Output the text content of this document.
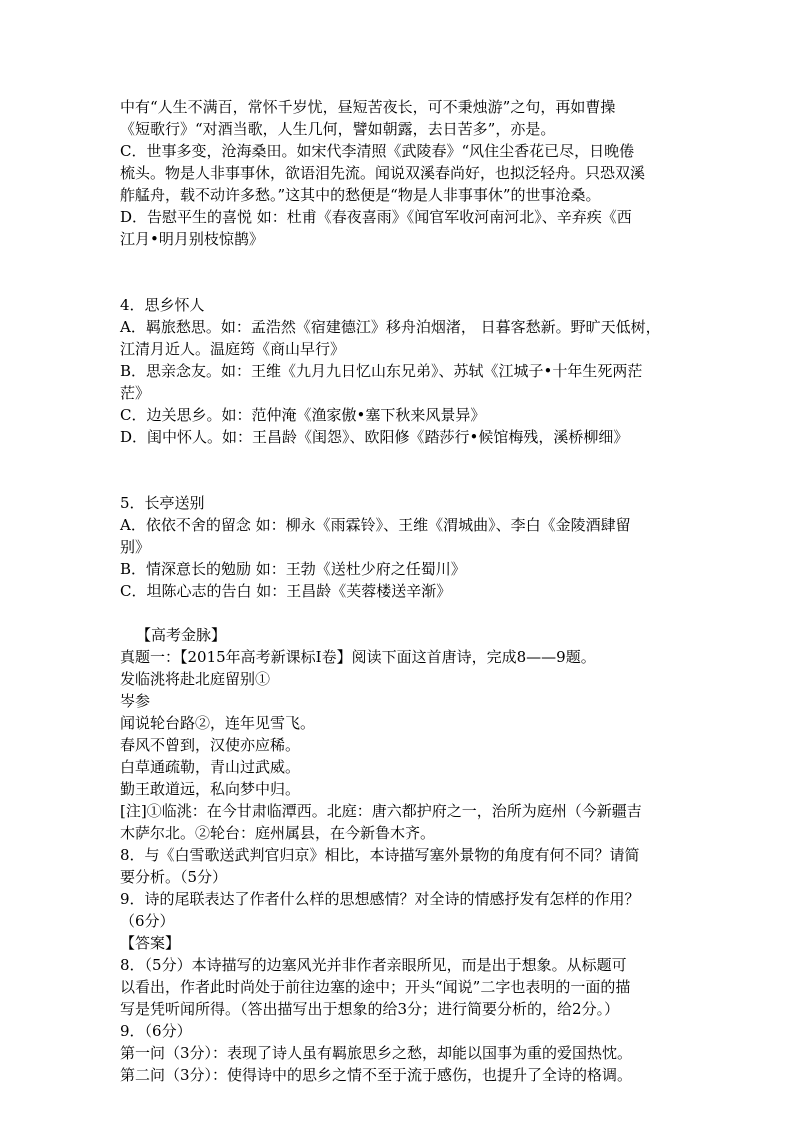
中有“人生不满百，常怀千岁忧，昼短苦夜长，可不秉烛游”之句，再如曹操
《短歌行》“对酒当歌，人生几何，譬如朝露，去日苦多”，亦是。
C．世事多变，沧海桑田。如宋代李清照《武陵春》“风住尘香花已尽，日晚倦
梳头。物是人非事事休，欲语泪先流。闻说双溪春尚好，也拟泛轻舟。只恐双溪
舴艋舟，载不动许多愁。”这其中的愁便是“物是人非事事休”的世事沧桑。
D．告慰平生的喜悦 如：杜甫《春夜喜雨》《闻官军收河南河北》、辛弃疾《西
江月•明月别枝惊鹊》
4．思乡怀人
A．羁旅愁思。如：孟浩然《宿建德江》移舟泊烟渚， 日暮客愁新。野旷天低树，
江清月近人。温庭筠《商山早行》
B．思亲念友。如：王维《九月九日忆山东兄弟》、苏轼《江城子•十年生死两茫
茫》
C．边关思乡。如：范仲淹《渔家傲•塞下秋来风景异》
D．闺中怀人。如：王昌龄《闺怨》、欧阳修《踏莎行•候馆梅残，溪桥柳细》
5．长亭送别
A．依依不舍的留念 如：柳永《雨霖铃》、王维《渭城曲》、李白《金陵酒肆留
别》
B．情深意长的勉励 如：王勃《送杜少府之任蜀川》
C．坦陈心志的告白 如：王昌龄《芙蓉楼送辛渐》
【高考金脉】
真题一：【2015年高考新课标Ⅰ卷】阅读下面这首唐诗，完成8——9题。
发临洮将赴北庭留别①
岑参
闻说轮台路②，连年见雪飞。
春风不曾到，汉使亦应稀。
白草通疏勒，青山过武威。
勤王敢道远，私向梦中归。
[注]①临洮：在今甘肃临潭西。北庭：唐六都护府之一，治所为庭州（今新疆吉
木萨尔北。②轮台：庭州属县，在今新鲁木齐。
8．与《白雪歌送武判官归京》相比，本诗描写塞外景物的角度有何不同？请简
要分析。（5分）
9．诗的尾联表达了作者什么样的思想感情？对全诗的情感抒发有怎样的作用？
（6分）
【答案】
8．（5分）本诗描写的边塞风光并非作者亲眼所见，而是出于想象。从标题可
以看出，作者此时尚处于前往边塞的途中；开头“闻说”二字也表明的一面的描
写是凭听闻所得。（答出描写出于想象的给3分；进行简要分析的，给2分。）
9．（6分）
第一问（3分）：表现了诗人虽有羁旅思乡之愁，却能以国事为重的爱国热忱。
第二问（3分）：使得诗中的思乡之情不至于流于感伤，也提升了全诗的格调。
